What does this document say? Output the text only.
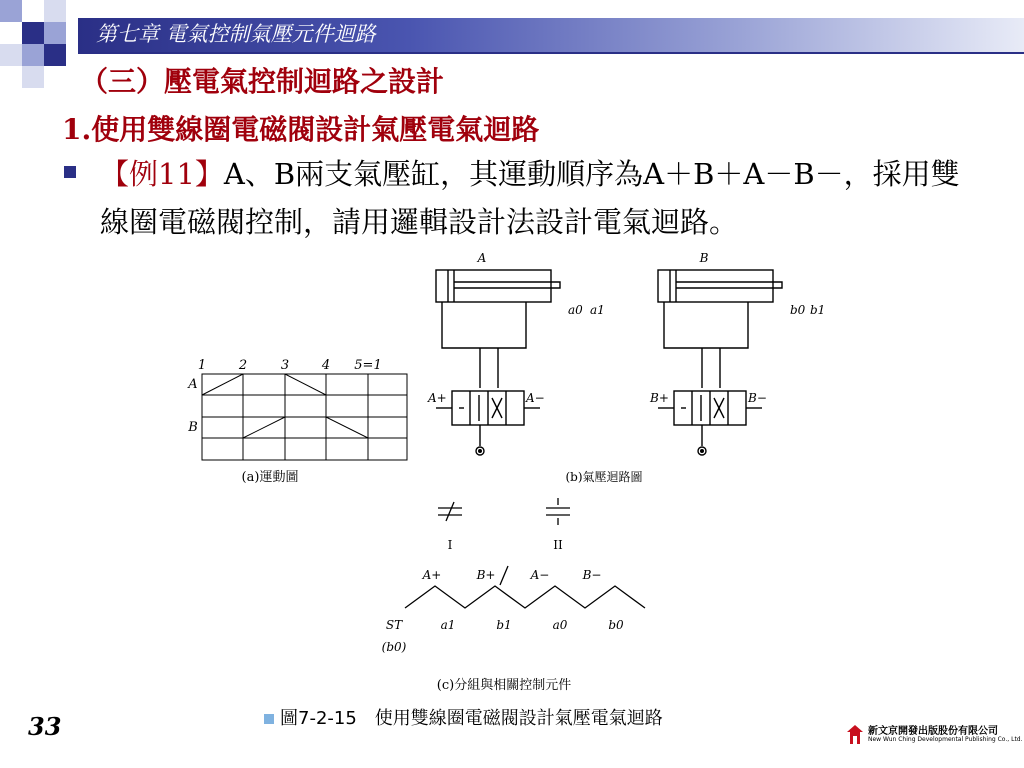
第七章 電氣控制氣壓元件迴路
（三）壓電氣控制迴路之設計
1.使用雙線圈電磁閥設計氣壓電氣迴路
【例11】A、B兩支氣壓缸，其運動順序為A＋B＋A－B－，採用雙線圈電磁閥控制，請用邏輯設計法設計電氣迴路。
1	2	3	4 5=1
A
B
(a)運動圖
A
a0 a1
A+	A−
B
b0 b1
B+	B−
(b)氣壓迴路圖
I	II
A+	B+	A−	B−
ST	a1	b1	a0	b0
(b0)
(c)分組與相關控制元件
圖7-2-15　使用雙線圈電磁閥設計氣壓電氣迴路
33	新文京開發出版股份有限公司
New Wun Ching Developmental Publishing Co., Ltd.
